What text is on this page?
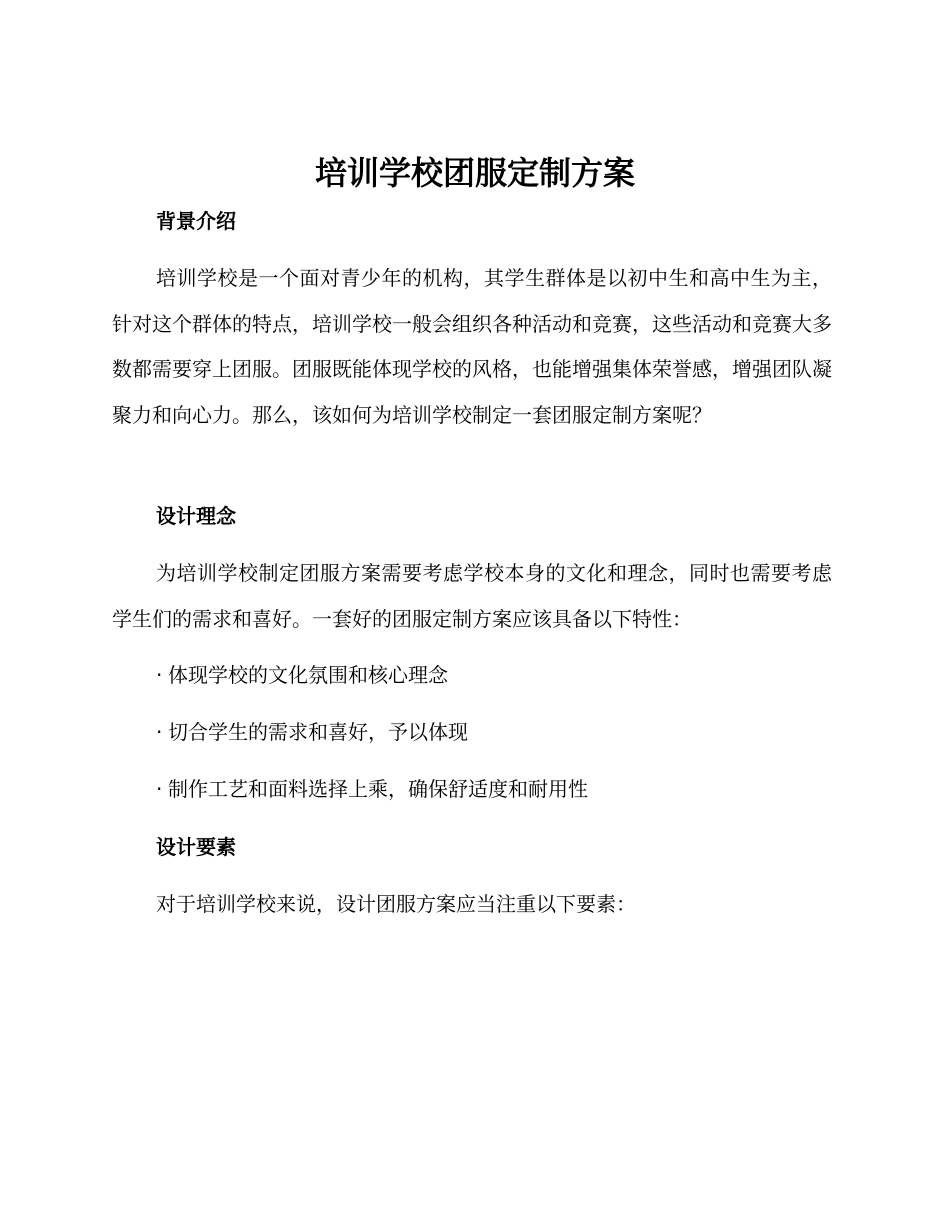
培训学校团服定制方案
背景介绍

培训学校是一个面对青少年的机构，其学生群体是以初中生和高中生为主，针对这个群体的特点，培训学校一般会组织各种活动和竞赛，这些活动和竞赛大多数都需要穿上团服。团服既能体现学校的风格，也能增强集体荣誉感，增强团队凝聚力和向心力。那么，该如何为培训学校制定一套团服定制方案呢？

设计理念

为培训学校制定团服方案需要考虑学校本身的文化和理念，同时也需要考虑学生们的需求和喜好。一套好的团服定制方案应该具备以下特性：

· 体现学校的文化氛围和核心理念
· 切合学生的需求和喜好，予以体现
· 制作工艺和面料选择上乘，确保舒适度和耐用性
设计要素

对于培训学校来说，设计团服方案应当注重以下要素：
